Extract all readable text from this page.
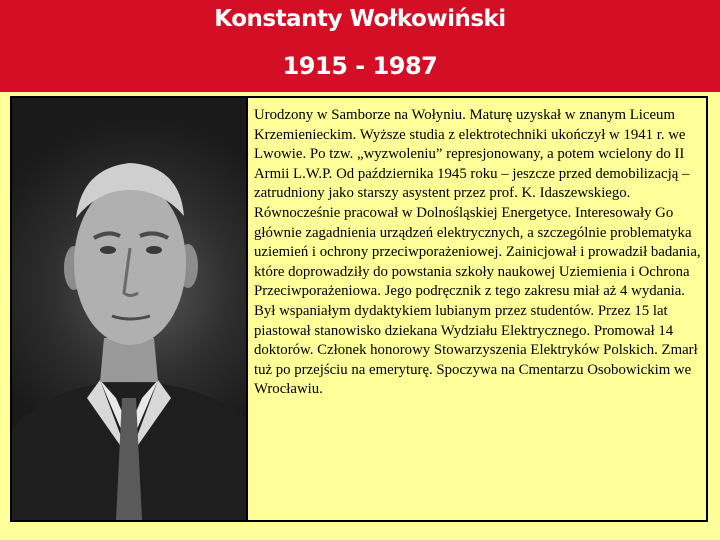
Konstanty Wołkowiński
1915 - 1987
Urodzony w Samborze na Wołyniu. Maturę uzyskał w znanym Liceum Krzemienieckim. Wyższe studia z elektrotechniki ukończył w 1941 r. we Lwowie. Po tzw. „wyzwoleniu” represjonowany, a potem wcielony do II Armii L.W.P. Od października 1945 roku – jeszcze przed demobilizacją – zatrudniony jako starszy asystent przez prof. K. Idaszewskiego. Równocześnie pracował w Dolnośląskiej Energetyce. Interesowały Go głównie zagadnienia urządzeń elektrycznych, a szczególnie problematyka uziemień i ochrony przeciwporażeniowej. Zainicjował i prowadził badania, które doprowadziły do powstania szkoły naukowej Uziemienia i Ochrona Przeciwporażeniowa. Jego podręcznik z tego zakresu miał aż 4 wydania. Był wspaniałym dydaktykiem lubianym przez studentów. Przez 15 lat piastował stanowisko dziekana Wydziału Elektrycznego. Promował 14 doktorów. Członek honorowy Stowarzyszenia Elektryków Polskich. Zmarł tuż po przejściu na emeryturę. Spoczywa na Cmentarzu Osobowickim we Wrocławiu.
